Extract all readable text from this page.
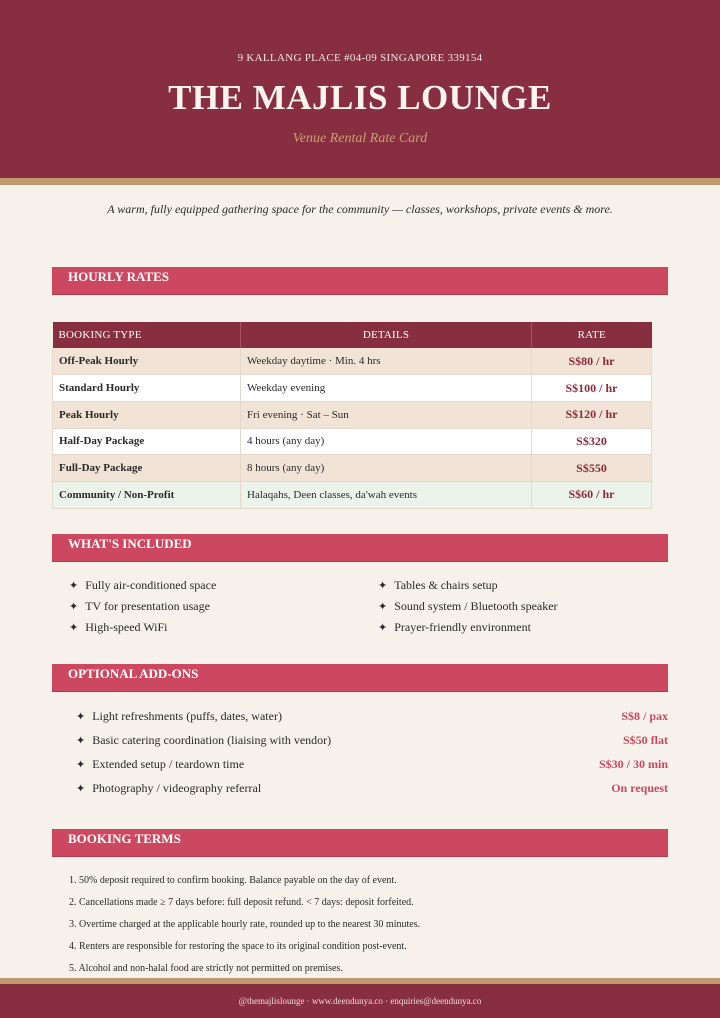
9 KALLANG PLACE #04-09 SINGAPORE 339154
THE MAJLIS LOUNGE
Venue Rental Rate Card
A warm, fully equipped gathering space for the community — classes, workshops, private events & more.
HOURLY RATES
BOOKING TYPE	DETAILS	RATE
Off-Peak Hourly	Weekday daytime · Min. 4 hrs	S$80 / hr
Standard Hourly	Weekday evening	S$100 / hr
Peak Hourly	Fri evening · Sat – Sun	S$120 / hr
Half-Day Package	4 hours (any day)	S$320
Full-Day Package	8 hours (any day)	S$550
Community / Non-Profit	Halaqahs, Deen classes, da'wah events	S$60 / hr
WHAT'S INCLUDED
✦ Fully air-conditioned space
✦ TV for presentation usage
✦ High-speed WiFi
✦ Tables & chairs setup
✦ Sound system / Bluetooth speaker
✦ Prayer-friendly environment
OPTIONAL ADD-ONS
✦ Light refreshments (puffs, dates, water)	S$8 / pax
✦ Basic catering coordination (liaising with vendor)	S$50 flat
✦ Extended setup / teardown time	S$30 / 30 min
✦ Photography / videography referral	On request
BOOKING TERMS
1. 50% deposit required to confirm booking. Balance payable on the day of event.
2. Cancellations made ≥ 7 days before: full deposit refund. < 7 days: deposit forfeited.
3. Overtime charged at the applicable hourly rate, rounded up to the nearest 30 minutes.
4. Renters are responsible for restoring the space to its original condition post-event.
5. Alcohol and non-halal food are strictly not permitted on premises.
@themajlislounge · www.deendunya.co · enquiries@deendunya.co
